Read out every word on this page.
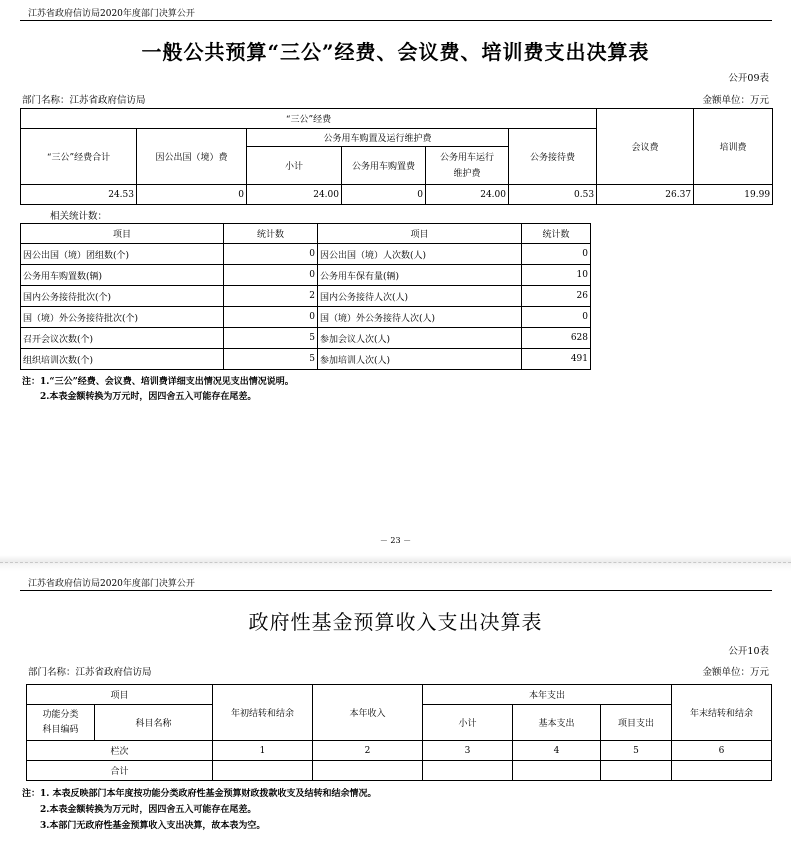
江苏省政府信访局2020年度部门决算公开
一般公共预算“三公”经费、会议费、培训费支出决算表
公开09表
部门名称：江苏省政府信访局	金额单位：万元
“三公”经费						会议费	培训费
“三公”经费合计	因公出国（境）费	公务用车购置及运行维护费			公务接待费		
		小计	公务用车购置费	公务用车运行
维护费			
24.53	0	24.00	0	24.00	0.53	26.37	19.99
相关统计数：
项目	统计数	项目	统计数
因公出国（境）团组数(个)	0	因公出国（境）人次数(人)	0
公务用车购置数(辆)	0	公务用车保有量(辆)	10
国内公务接待批次(个)	2	国内公务接待人次(人)	26
国（境）外公务接待批次(个)	0	国（境）外公务接待人次(人)	0
召开会议次数(个)	5	参加会议人次(人)	628
组织培训次数(个)	5	参加培训人次(人)	491
注：1.“三公”经费、会议费、培训费详细支出情况见支出情况说明。
2.本表金额转换为万元时，因四舍五入可能存在尾差。
－ 23 －
江苏省政府信访局2020年度部门决算公开
政府性基金预算收入支出决算表
公开10表
部门名称：江苏省政府信访局	金额单位：万元
项目		年初结转和结余	本年收入	本年支出			年末结转和结余
功能分类
科目编码	科目名称			小计	基本支出	项目支出	
栏次		1	2	3	4	5	6
合计							
注：1. 本表反映部门本年度按功能分类政府性基金预算财政拨款收支及结转和结余情况。
2.本表金额转换为万元时，因四舍五入可能存在尾差。
3.本部门无政府性基金预算收入支出决算，故本表为空。
